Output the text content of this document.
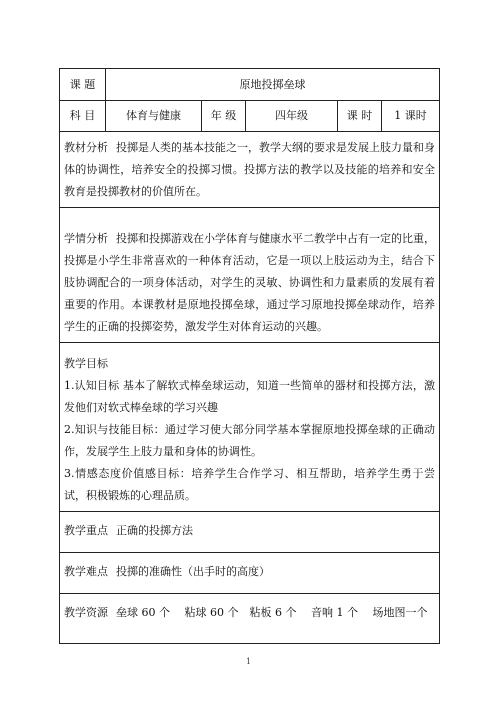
课 题	原地投掷垒球				
科 目	体育与健康	年 级	四年级	课 时	1 课时

教材分析 投掷是人类的基本技能之一，教学大纲的要求是发展上肢力量和身体的协调性，培养安全的投掷习惯。投掷方法的教学以及技能的培养和安全教育是投掷教材的价值所在。					

学情分析 投掷和投掷游戏在小学体育与健康水平二教学中占有一定的比重，投掷是小学生非常喜欢的一种体育活动，它是一项以上肢运动为主，结合下肢协调配合的一项身体活动，对学生的灵敏、协调性和力量素质的发展有着重要的作用。本课教材是原地投掷垒球，通过学习原地投掷垒球动作，培养学生的正确的投掷姿势，激发学生对体育运动的兴趣。					

教学目标

1.认知目标 基本了解软式棒垒球运动，知道一些简单的器材和投掷方法，激发他们对软式棒垒球的学习兴趣

2.知识与技能目标：通过学习使大部分同学基本掌握原地投掷垒球的正确动作，发展学生上肢力量和身体的协调性。

3.情感态度价值感目标：培养学生合作学习、相互帮助，培养学生勇于尝试，积极锻炼的心理品质。					

教学重点 正确的投掷方法					

教学难点 投掷的准确性（出手时的高度）					

教学资源 垒球 60 个　 粘球 60 个　粘板 6 个　 音响 1 个　 场地图一个					

1
